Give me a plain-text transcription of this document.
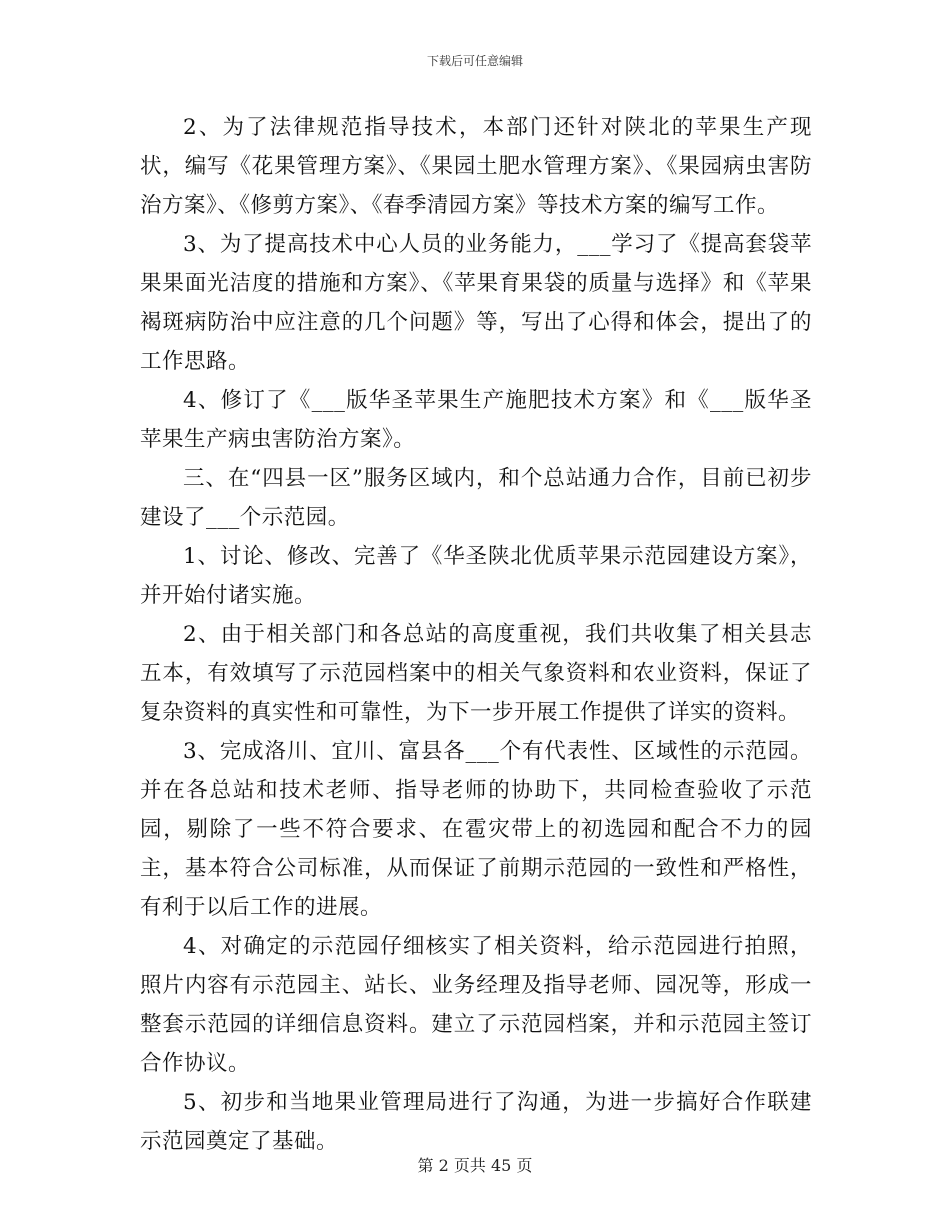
下载后可任意编辑

2、为了法律规范指导技术，本部门还针对陕北的苹果生产现状，编写《花果管理方案》、《果园土肥水管理方案》、《果园病虫害防治方案》、《修剪方案》、《春季清园方案》等技术方案的编写工作。

3、为了提高技术中心人员的业务能力，___学习了《提高套袋苹果果面光洁度的措施和方案》、《苹果育果袋的质量与选择》和《苹果褐斑病防治中应注意的几个问题》等，写出了心得和体会，提出了的工作思路。

4、修订了《___版华圣苹果生产施肥技术方案》和《___版华圣苹果生产病虫害防治方案》。

三、在“四县一区”服务区域内，和个总站通力合作，目前已初步建设了___个示范园。

1、讨论、修改、完善了《华圣陕北优质苹果示范园建设方案》，并开始付诸实施。

2、由于相关部门和各总站的高度重视，我们共收集了相关县志五本，有效填写了示范园档案中的相关气象资料和农业资料，保证了复杂资料的真实性和可靠性，为下一步开展工作提供了详实的资料。

3、完成洛川、宜川、富县各___个有代表性、区域性的示范园。并在各总站和技术老师、指导老师的协助下，共同检查验收了示范园，剔除了一些不符合要求、在雹灾带上的初选园和配合不力的园主，基本符合公司标准，从而保证了前期示范园的一致性和严格性，有利于以后工作的进展。

4、对确定的示范园仔细核实了相关资料，给示范园进行拍照，照片内容有示范园主、站长、业务经理及指导老师、园况等，形成一整套示范园的详细信息资料。建立了示范园档案，并和示范园主签订合作协议。

5、初步和当地果业管理局进行了沟通，为进一步搞好合作联建示范园奠定了基础。

第 2 页共 45 页
